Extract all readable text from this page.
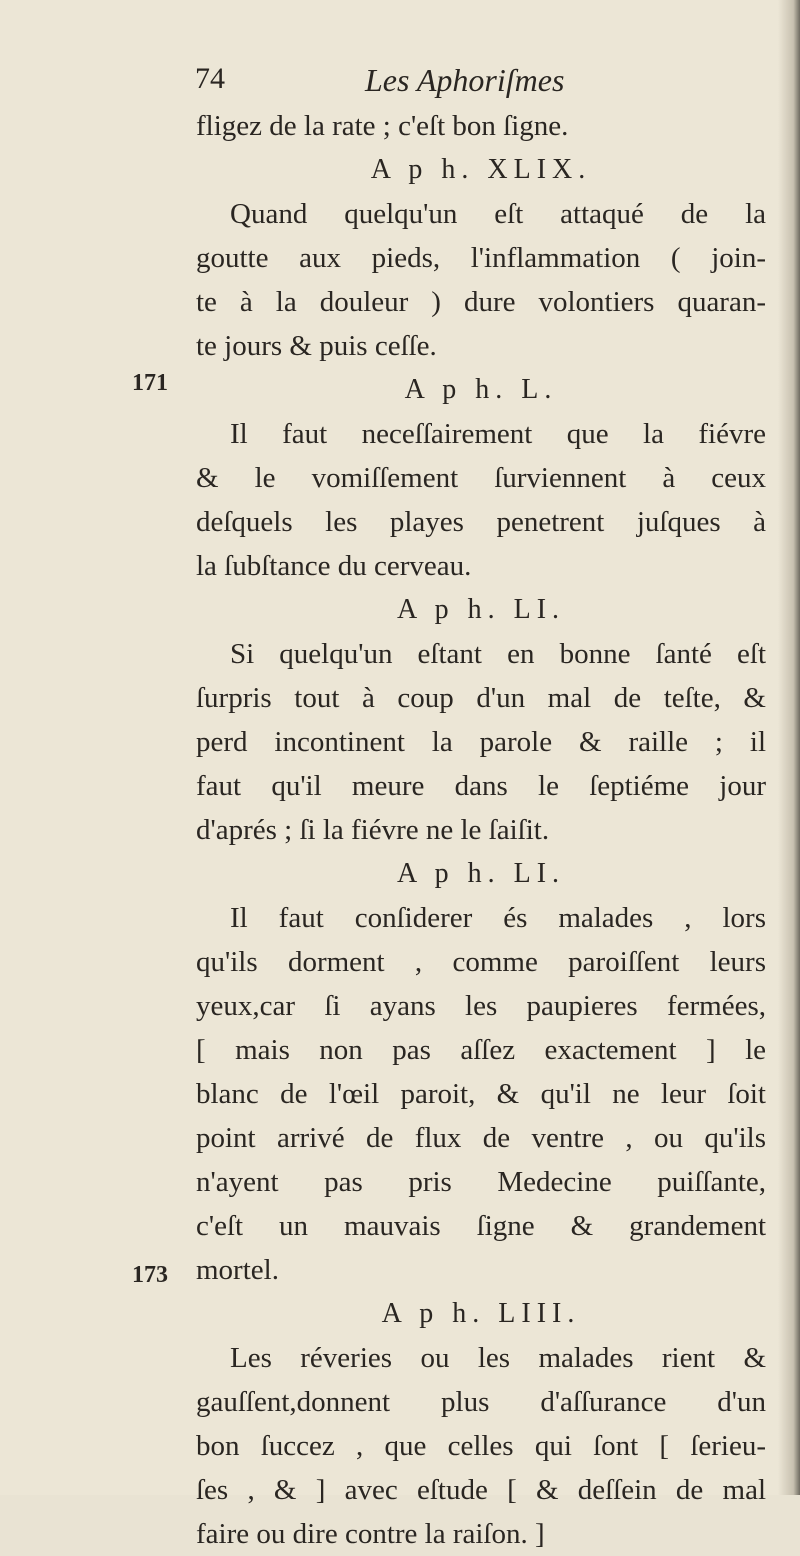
74	Les Aphoriſmes
171
173
fligez de la rate ; c'eſt bon ſigne.
A p h. XLIX.
Quand quelqu'un eſt attaqué de la
goutte aux pieds, l'inflammation ( join-
te à la douleur ) dure volontiers quaran-
te jours & puis ceſſe.
A p h. L.
Il faut neceſſairement que la fiévre
& le vomiſſement ſurviennent à ceux
deſquels les playes penetrent juſques à
la ſubſtance du cerveau.
A p h. LI.
Si quelqu'un eſtant en bonne ſanté eſt
ſurpris tout à coup d'un mal de teſte, &
perd incontinent la parole & raille ; il
faut qu'il meure dans le ſeptiéme jour
d'aprés ; ſi la fiévre ne le ſaiſit.
A p h. LI.
Il faut conſiderer és malades , lors
qu'ils dorment , comme paroiſſent leurs
yeux,car ſi ayans les paupieres fermées,
[ mais non pas aſſez exactement ] le
blanc de l'œil paroit, & qu'il ne leur ſoit
point arrivé de flux de ventre , ou qu'ils
n'ayent pas pris Medecine puiſſante,
c'eſt un mauvais ſigne & grandement
mortel.
A p h. LIII.
Les réveries ou les malades rient &
gauſſent,donnent plus d'aſſurance d'un
bon ſuccez , que celles qui ſont [ ſerieu-
ſes , & ] avec eſtude [ & deſſein de mal
faire ou dire contre la raiſon. ]
